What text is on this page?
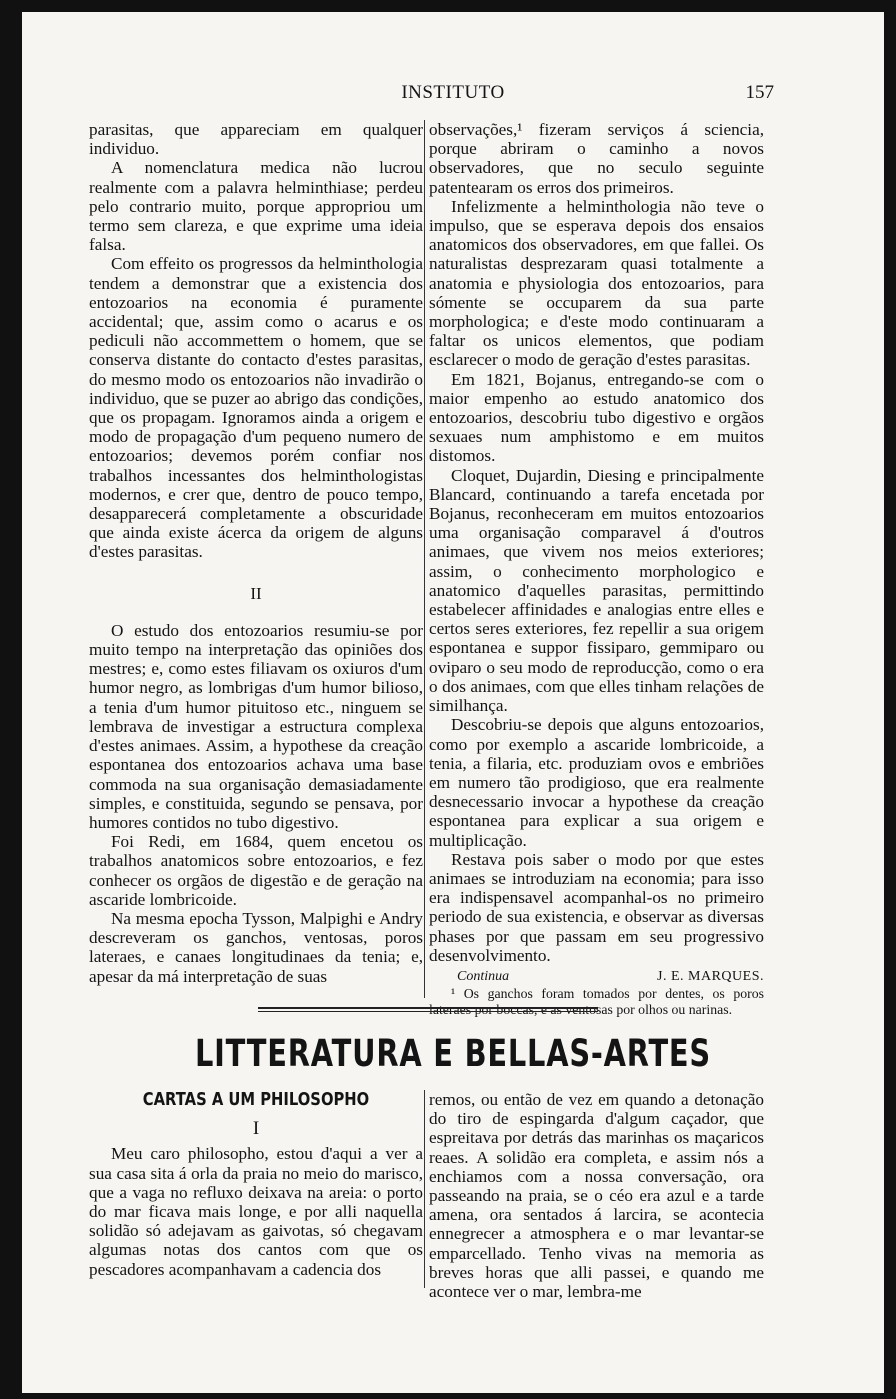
INSTITUTO	157

parasitas, que appareciam em qualquer individuo.

A nomenclatura medica não lucrou realmente com a palavra helminthiase; perdeu pelo contrario muito, porque appropriou um termo sem clareza, e que exprime uma ideia falsa.

Com effeito os progressos da helminthologia tendem a demonstrar que a existencia dos entozoarios na economia é puramente accidental; que, assim como o acarus e os pediculi não accommettem o homem, que se conserva distante do contacto d'estes parasitas, do mesmo modo os entozoarios não invadirão o individuo, que se puzer ao abrigo das condições, que os propagam. Ignoramos ainda a origem e modo de propagação d'um pequeno numero de entozoarios; devemos porém confiar nos trabalhos incessantes dos helminthologistas modernos, e crer que, dentro de pouco tempo, desapparecerá completamente a obscuridade que ainda existe ácerca da origem de alguns d'estes parasitas.

II

O estudo dos entozoarios resumiu-se por muito tempo na interpretação das opiniões dos mestres; e, como estes filiavam os oxiuros d'um humor negro, as lombrigas d'um humor bilioso, a tenia d'um humor pituitoso etc., ninguem se lembrava de investigar a estructura complexa d'estes animaes. Assim, a hypothese da creação espontanea dos entozoarios achava uma base commoda na sua organisação demasiadamente simples, e constituida, segundo se pensava, por humores contidos no tubo digestivo.

Foi Redi, em 1684, quem encetou os trabalhos anatomicos sobre entozoarios, e fez conhecer os orgãos de digestão e de geração na ascaride lombricoide.

Na mesma epocha Tysson, Malpighi e Andry descreveram os ganchos, ventosas, poros lateraes, e canaes longitudinaes da tenia; e, apesar da má interpretação de suas

observações,¹ fizeram serviços á sciencia, porque abriram o caminho a novos observadores, que no seculo seguinte patentearam os erros dos primeiros.

Infelizmente a helminthologia não teve o impulso, que se esperava depois dos ensaios anatomicos dos observadores, em que fallei. Os naturalistas desprezaram quasi totalmente a anatomia e physiologia dos entozoarios, para sómente se occuparem da sua parte morphologica; e d'este modo continuaram a faltar os unicos elementos, que podiam esclarecer o modo de geração d'estes parasitas.

Em 1821, Bojanus, entregando-se com o maior empenho ao estudo anatomico dos entozoarios, descobriu tubo digestivo e orgãos sexuaes num amphistomo e em muitos distomos.

Cloquet, Dujardin, Diesing e principalmente Blancard, continuando a tarefa encetada por Bojanus, reconheceram em muitos entozoarios uma organisação comparavel á d'outros animaes, que vivem nos meios exteriores; assim, o conhecimento morphologico e anatomico d'aquelles parasitas, permittindo estabelecer affinidades e analogias entre elles e certos seres exteriores, fez repellir a sua origem espontanea e suppor fissiparo, gemmiparo ou oviparo o seu modo de reproducção, como o era o dos animaes, com que elles tinham relações de similhança.

Descobriu-se depois que alguns entozoarios, como por exemplo a ascaride lombricoide, a tenia, a filaria, etc. produziam ovos e embriões em numero tão prodigioso, que era realmente desnecessario invocar a hypothese da creação espontanea para explicar a sua origem e multiplicação.

Restava pois saber o modo por que estes animaes se introduziam na economia; para isso era indispensavel acompanhal-os no primeiro periodo de sua existencia, e observar as diversas phases por que passam em seu progressivo desenvolvimento.

Continua	J. E. MARQUES.

¹ Os ganchos foram tomados por dentes, os poros lateraes por boccas, e as ventosas por olhos ou narinas.

LITTERATURA E BELLAS-ARTES
CARTAS A UM PHILOSOPHO
I

Meu caro philosopho, estou d'aqui a ver a sua casa sita á orla da praia no meio do marisco, que a vaga no refluxo deixava na areia: o porto do mar ficava mais longe, e por alli naquella solidão só adejavam as gaivotas, só chegavam algumas notas dos cantos com que os pescadores acompanhavam a cadencia dos

remos, ou então de vez em quando a detonação do tiro de espingarda d'algum caçador, que espreitava por detrás das marinhas os maçaricos reaes. A solidão era completa, e assim nós a enchiamos com a nossa conversação, ora passeando na praia, se o céo era azul e a tarde amena, ora sentados á larcira, se acontecia ennegrecer a atmosphera e o mar levantar-se emparcellado. Tenho vivas na memoria as breves horas que alli passei, e quando me acontece ver o mar, lembra-me
